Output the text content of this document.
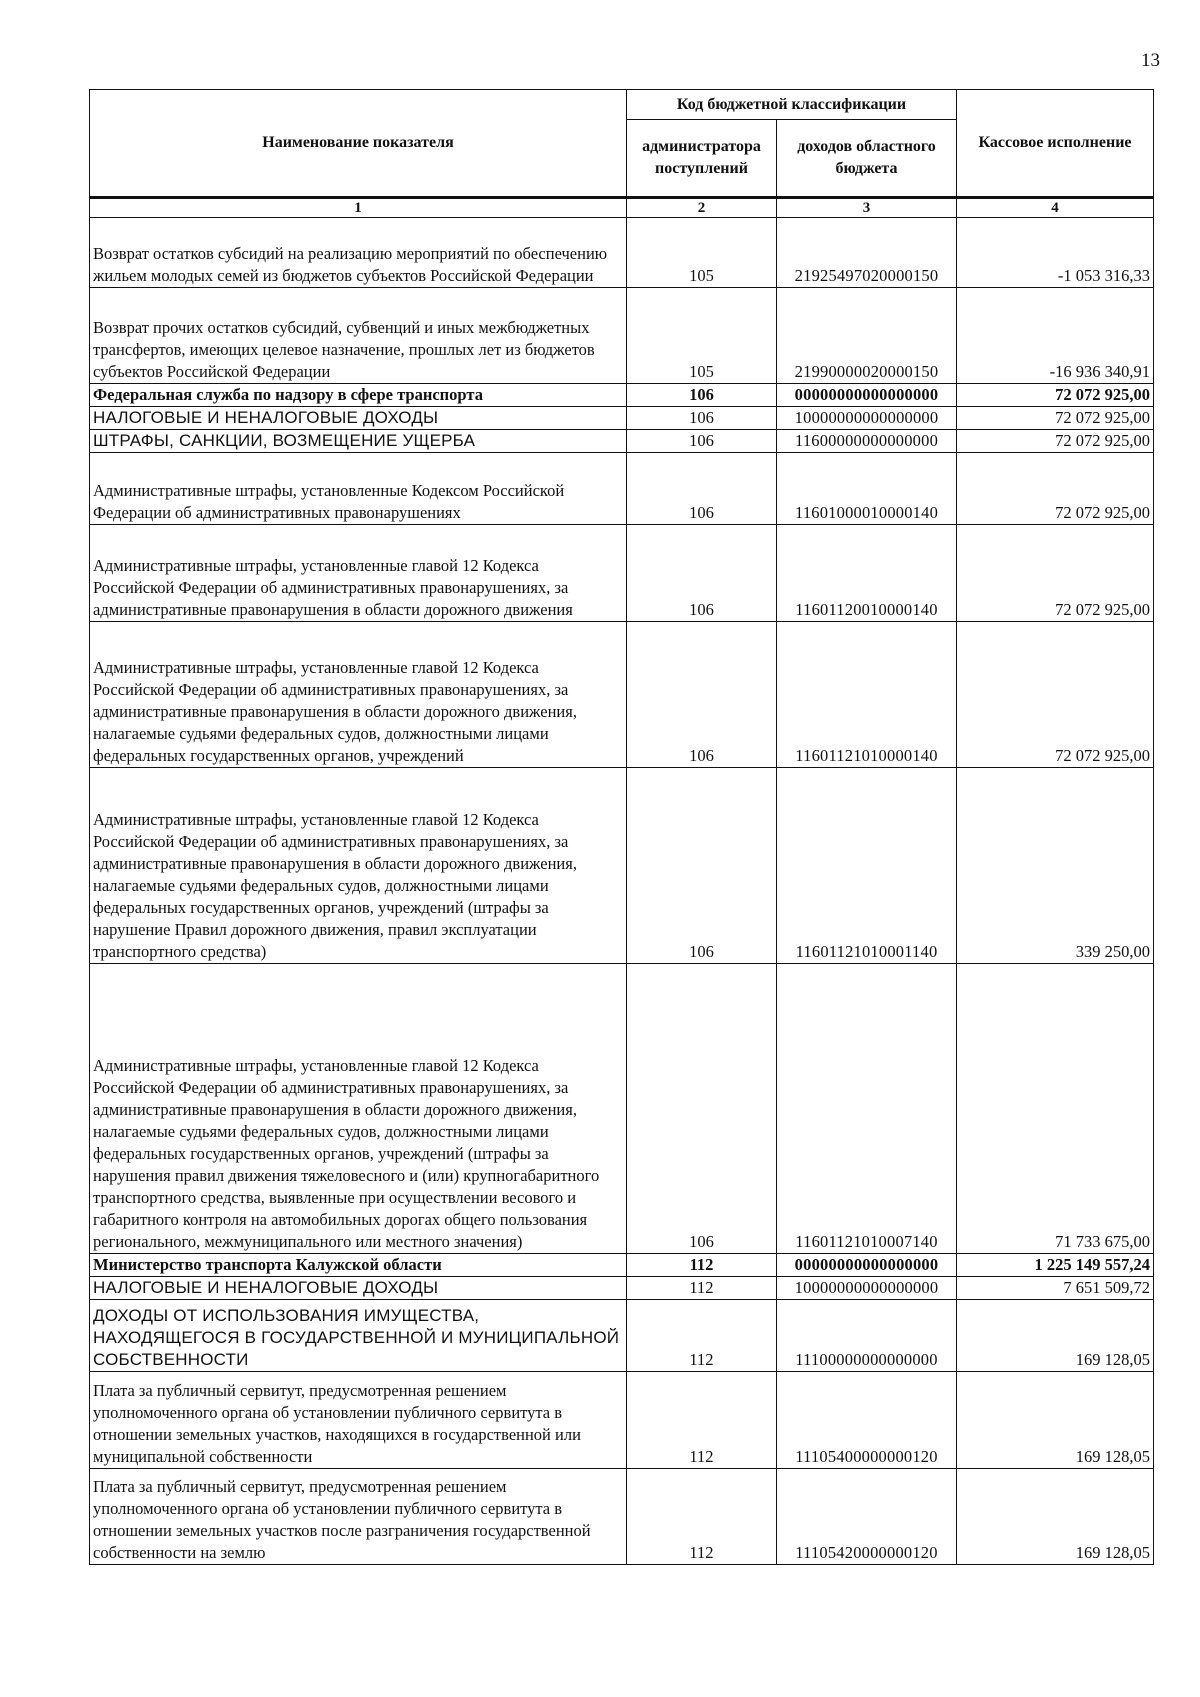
13
Наименование показателя	Код бюджетной классификации		Кассовое исполнение
	администратора поступлений	доходов областного бюджета	
1	2	3	4
Возврат остатков субсидий на реализацию мероприятий по обеспечению жильем молодых семей из бюджетов субъектов Российской Федерации	105	21925497020000150	-1 053 316,33
Возврат прочих остатков субсидий, субвенций и иных межбюджетных трансфертов, имеющих целевое назначение, прошлых лет из бюджетов субъектов Российской Федерации	105	21990000020000150	-16 936 340,91
Федеральная служба по надзору в сфере транспорта	106	00000000000000000	72 072 925,00
НАЛОГОВЫЕ И НЕНАЛОГОВЫЕ ДОХОДЫ	106	10000000000000000	72 072 925,00
ШТРАФЫ, САНКЦИИ, ВОЗМЕЩЕНИЕ УЩЕРБА	106	11600000000000000	72 072 925,00
Административные штрафы, установленные Кодексом Российской Федерации об административных правонарушениях	106	11601000010000140	72 072 925,00
Административные штрафы, установленные главой 12 Кодекса Российской Федерации об административных правонарушениях, за административные правонарушения в области дорожного движения	106	11601120010000140	72 072 925,00
Административные штрафы, установленные главой 12 Кодекса Российской Федерации об административных правонарушениях, за административные правонарушения в области дорожного движения, налагаемые судьями федеральных судов, должностными лицами федеральных государственных органов, учреждений	106	11601121010000140	72 072 925,00
Административные штрафы, установленные главой 12 Кодекса Российской Федерации об административных правонарушениях, за административные правонарушения в области дорожного движения, налагаемые судьями федеральных судов, должностными лицами федеральных государственных органов, учреждений (штрафы за нарушение Правил дорожного движения, правил эксплуатации транспортного средства)	106	11601121010001140	339 250,00
Административные штрафы, установленные главой 12 Кодекса Российской Федерации об административных правонарушениях, за административные правонарушения в области дорожного движения, налагаемые судьями федеральных судов, должностными лицами федеральных государственных органов, учреждений (штрафы за нарушения правил движения тяжеловесного и (или) крупногабаритного транспортного средства, выявленные при осуществлении весового и габаритного контроля на автомобильных дорогах общего пользования регионального, межмуниципального или местного значения)	106	11601121010007140	71 733 675,00
Министерство транспорта Калужской области	112	00000000000000000	1 225 149 557,24
НАЛОГОВЫЕ И НЕНАЛОГОВЫЕ ДОХОДЫ	112	10000000000000000	7 651 509,72
ДОХОДЫ ОТ ИСПОЛЬЗОВАНИЯ ИМУЩЕСТВА, НАХОДЯЩЕГОСЯ В ГОСУДАРСТВЕННОЙ И МУНИЦИПАЛЬНОЙ СОБСТВЕННОСТИ	112	11100000000000000	169 128,05
Плата за публичный сервитут, предусмотренная решением уполномоченного органа об установлении публичного сервитута в отношении земельных участков, находящихся в государственной или муниципальной собственности	112	11105400000000120	169 128,05
Плата за публичный сервитут, предусмотренная решением уполномоченного органа об установлении публичного сервитута в отношении земельных участков после разграничения государственной собственности на землю	112	11105420000000120	169 128,05
